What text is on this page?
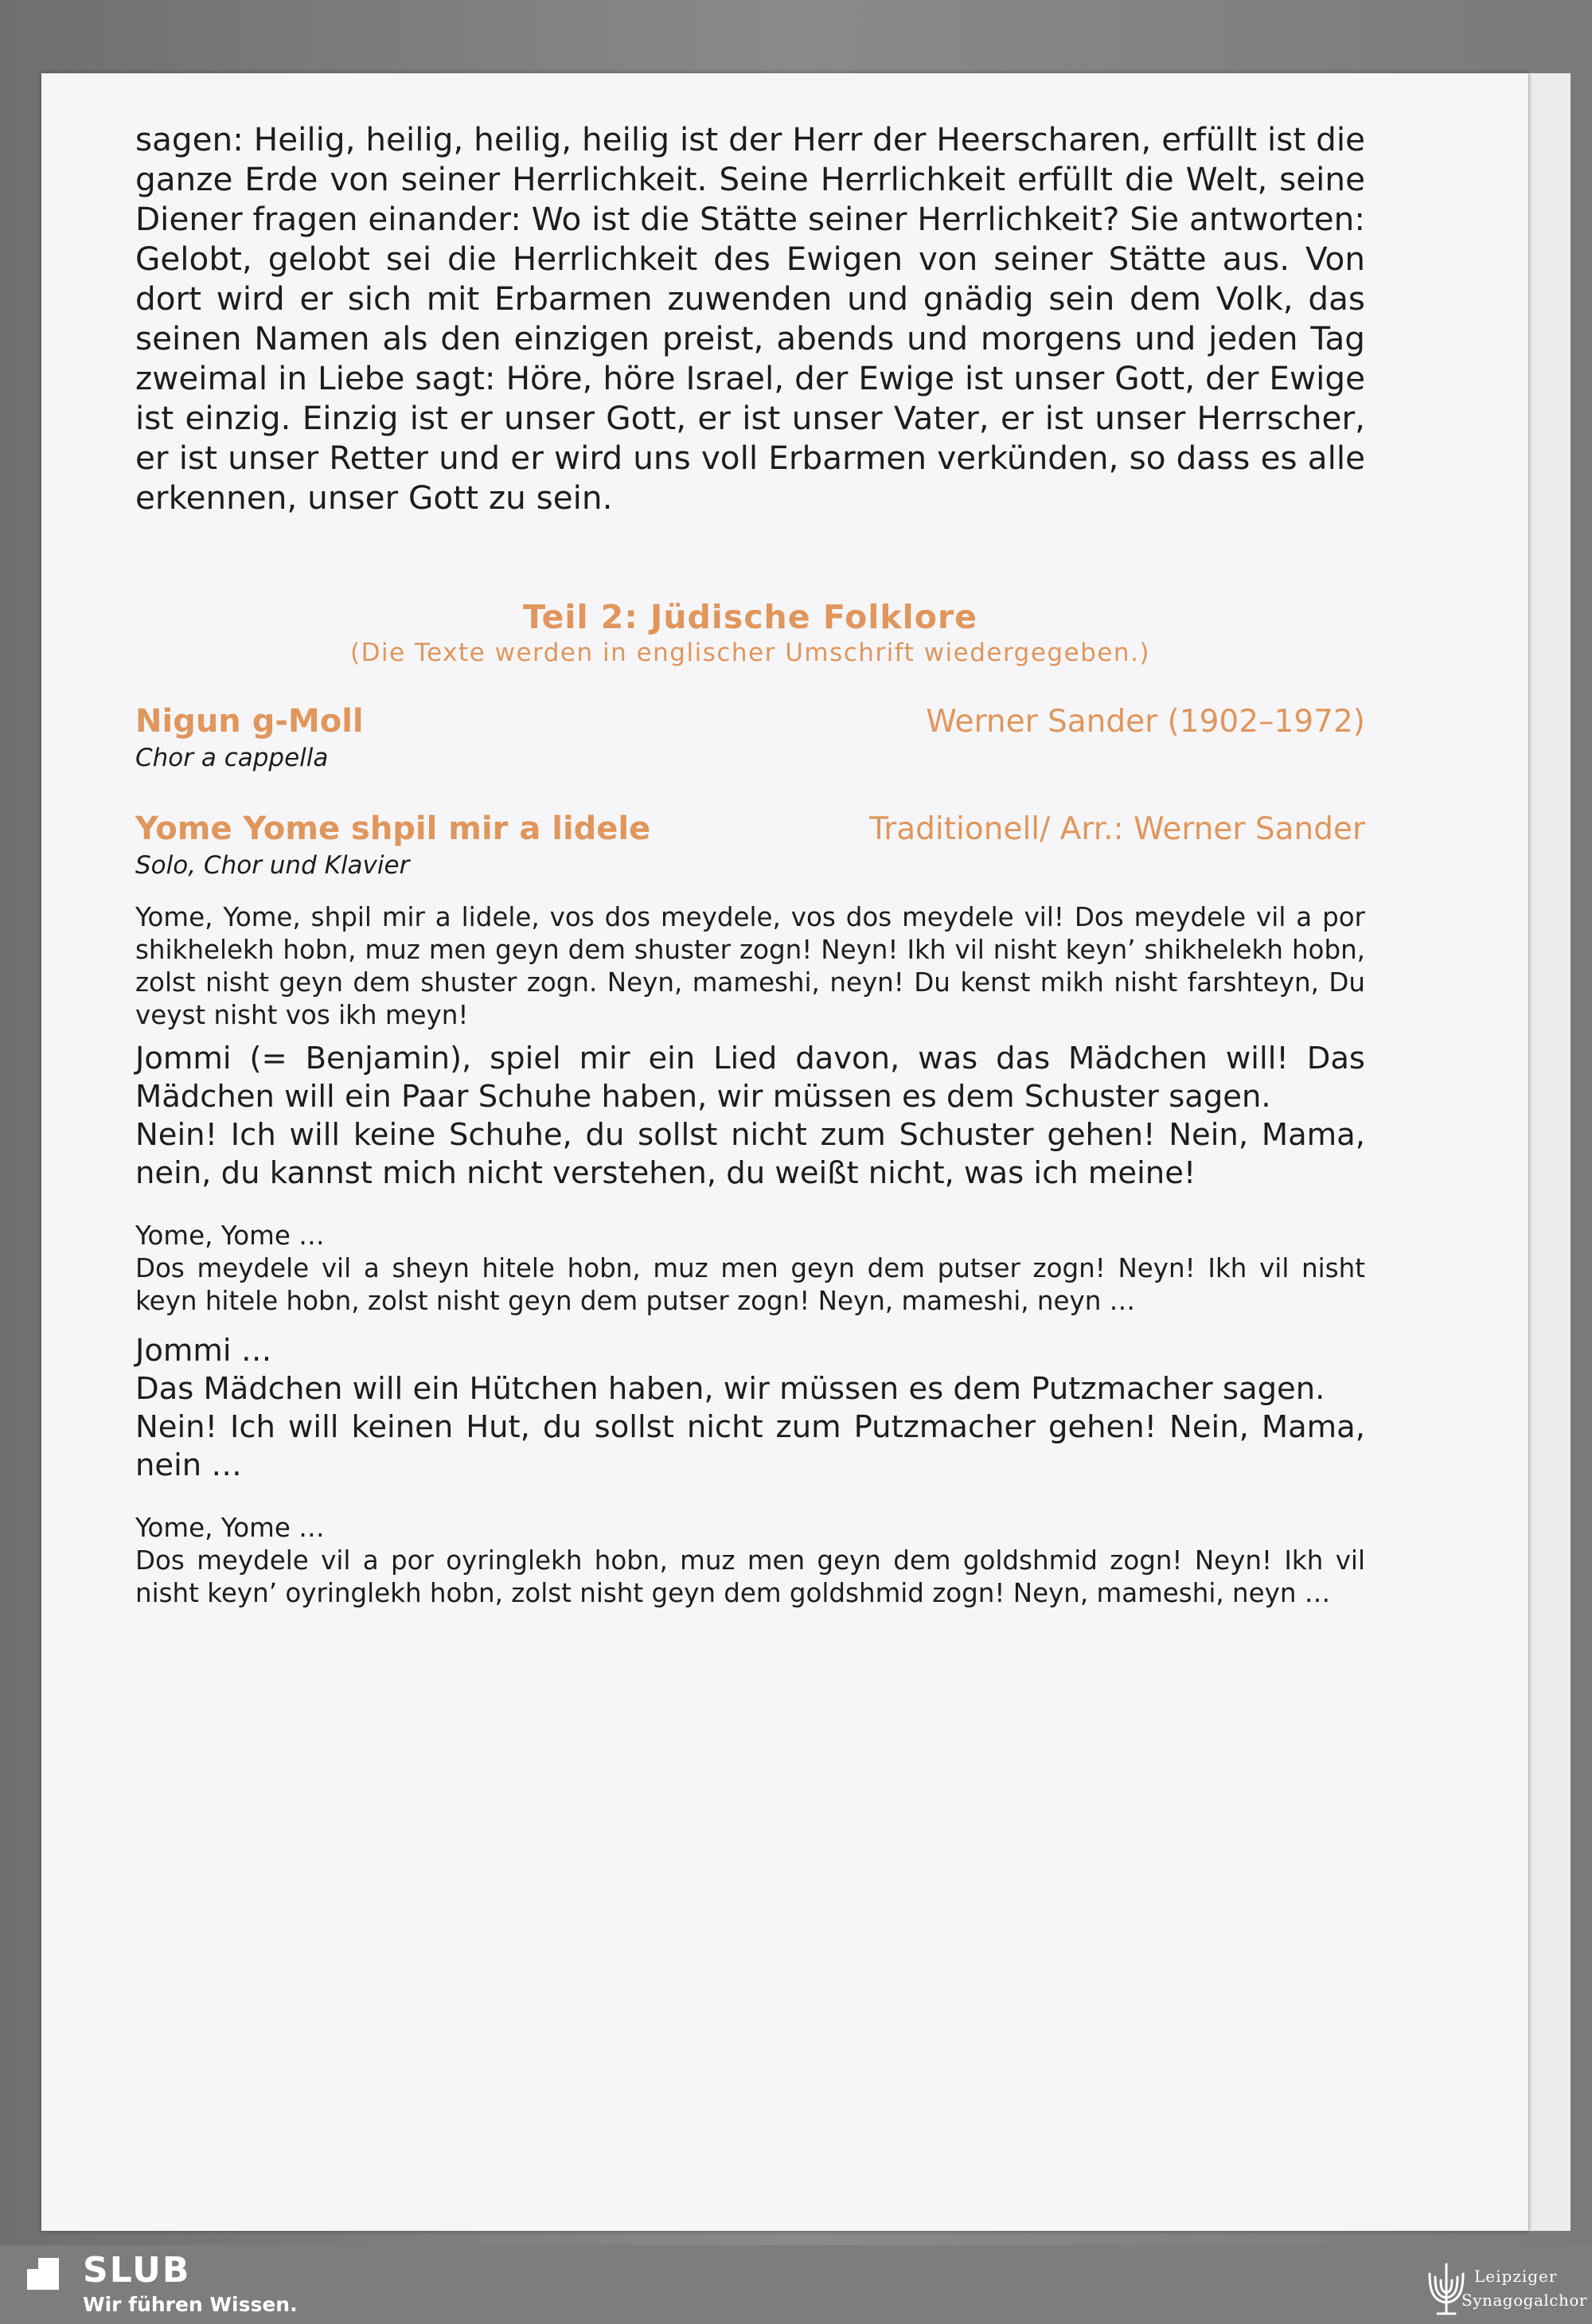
sagen: Heilig, heilig, heilig, heilig ist der Herr der Heerscharen, erfüllt ist die ganze Erde von seiner Herrlichkeit. Seine Herrlichkeit erfüllt die Welt, seine Diener fragen einander: Wo ist die Stätte seiner Herrlichkeit? Sie antworten: Gelobt, gelobt sei die Herrlichkeit des Ewigen von seiner Stätte aus. Von dort wird er sich mit Erbarmen zuwenden und gnädig sein dem Volk, das seinen Namen als den einzigen preist, abends und morgens und jeden Tag zweimal in Liebe sagt: Höre, höre Israel, der Ewige ist unser Gott, der Ewige ist einzig. Einzig ist er unser Gott, er ist unser Vater, er ist unser Herrscher, er ist unser Retter und er wird uns voll Erbarmen verkünden, so dass es alle erkennen, unser Gott zu sein.

Teil 2: Jüdische Folklore

(Die Texte werden in englischer Umschrift wiedergegeben.)

Nigun g-Moll	Werner Sander (1902–1972)

Chor a cappella

Yome Yome shpil mir a lidele	Traditionell/ Arr.: Werner Sander

Solo, Chor und Klavier

Yome, Yome, shpil mir a lidele, vos dos meydele, vos dos meydele vil! Dos meydele vil a por shikhelekh hobn, muz men geyn dem shuster zogn! Neyn! Ikh vil nisht keyn’ shikhelekh hobn, zolst nisht geyn dem shuster zogn. Neyn, mameshi, neyn! Du kenst mikh nisht farshteyn, Du veyst nisht vos ikh meyn!

Jommi (= Benjamin), spiel mir ein Lied davon, was das Mädchen will! Das Mädchen will ein Paar Schuhe haben, wir müssen es dem Schuster sagen.

Nein! Ich will keine Schuhe, du sollst nicht zum Schuster gehen! Nein, Mama, nein, du kannst mich nicht verstehen, du weißt nicht, was ich meine!

Yome, Yome …

Dos meydele vil a sheyn hitele hobn, muz men geyn dem putser zogn! Neyn! Ikh vil nisht keyn hitele hobn, zolst nisht geyn dem putser zogn! Neyn, mameshi, neyn …

Jommi …

Das Mädchen will ein Hütchen haben, wir müssen es dem Putzmacher sagen.

Nein! Ich will keinen Hut, du sollst nicht zum Putzmacher gehen! Nein, Mama, nein …

Yome, Yome …

Dos meydele vil a por oyringlekh hobn, muz men geyn dem goldshmid zogn! Neyn! Ikh vil nisht keyn’ oyringlekh hobn, zolst nisht geyn dem goldshmid zogn! Neyn, mameshi, neyn …

SLUB
Wir führen Wissen.
Leipziger
Synagogalchor
